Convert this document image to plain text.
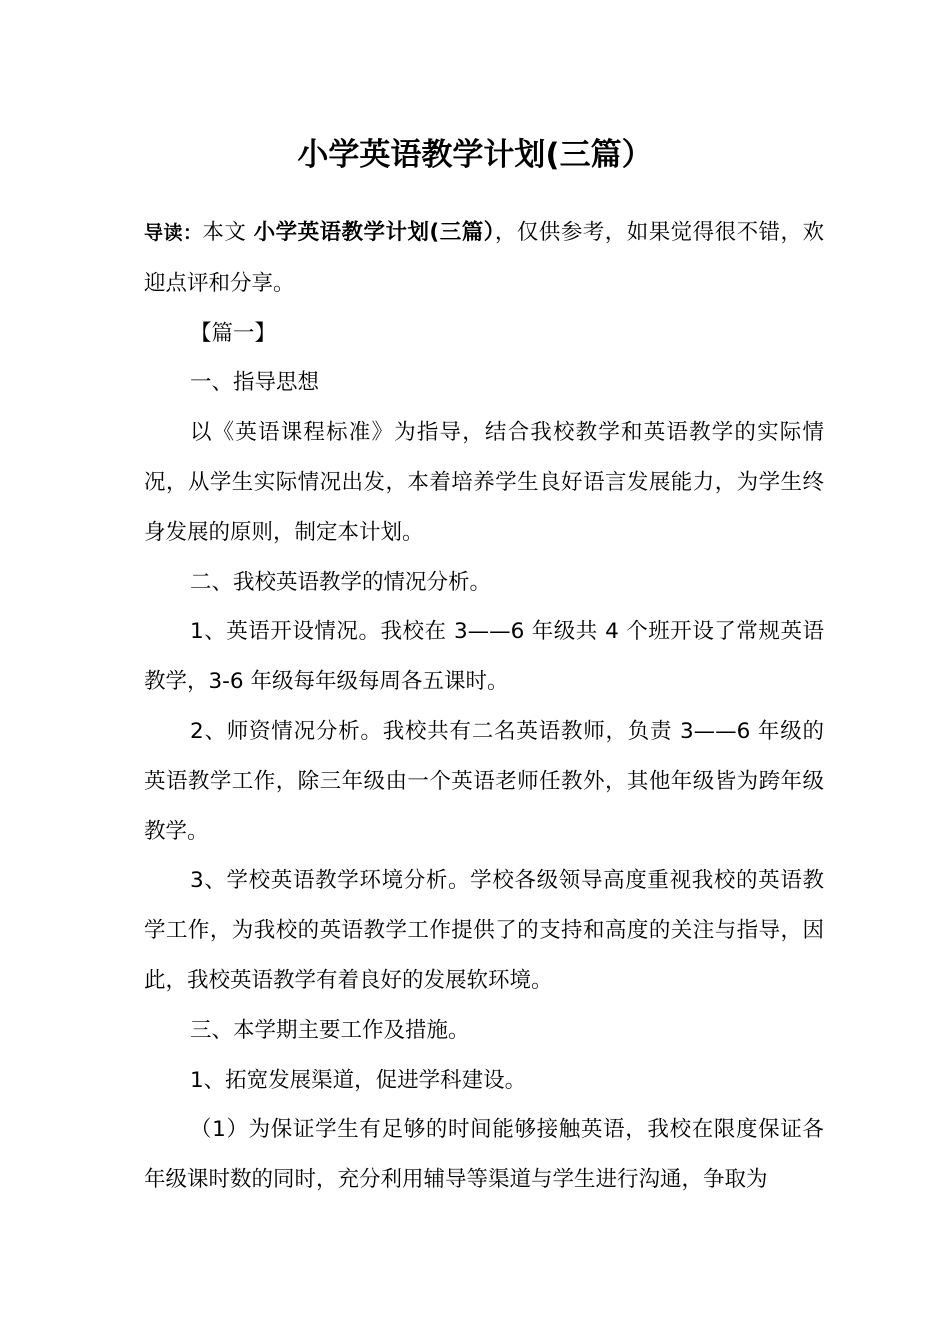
小学英语教学计划(三篇）

导读：本文 小学英语教学计划(三篇），仅供参考，如果觉得很不错，欢迎点评和分享。

【篇一】

一、指导思想

以《英语课程标准》为指导，结合我校教学和英语教学的实际情况，从学生实际情况出发，本着培养学生良好语言发展能力，为学生终身发展的原则，制定本计划。

二、我校英语教学的情况分析。

1、英语开设情况。我校在 3——6 年级共 4 个班开设了常规英语教学，3-6 年级每年级每周各五课时。

2、师资情况分析。我校共有二名英语教师，负责 3——6 年级的英语教学工作，除三年级由一个英语老师任教外，其他年级皆为跨年级教学。

3、学校英语教学环境分析。学校各级领导高度重视我校的英语教学工作，为我校的英语教学工作提供了的支持和高度的关注与指导，因此，我校英语教学有着良好的发展软环境。

三、本学期主要工作及措施。

1、拓宽发展渠道，促进学科建设。

（1）为保证学生有足够的时间能够接触英语，我校在限度保证各年级课时数的同时，充分利用辅导等渠道与学生进行沟通，争取为
